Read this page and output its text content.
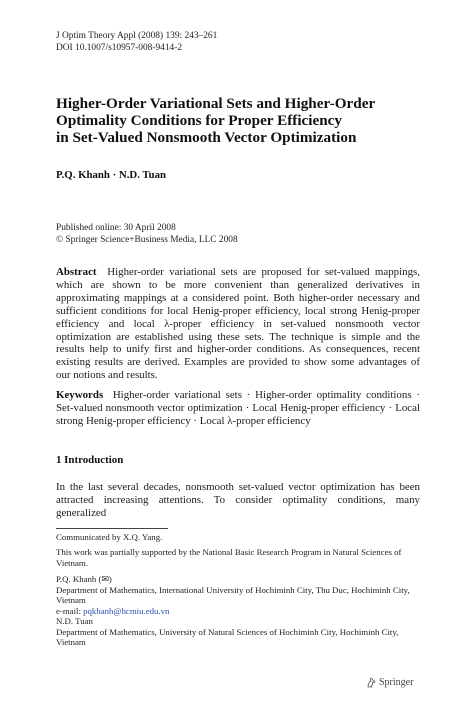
J Optim Theory Appl (2008) 139: 243–261
DOI 10.1007/s10957-008-9414-2
Higher-Order Variational Sets and Higher-Order
Optimality Conditions for Proper Efficiency
in Set-Valued Nonsmooth Vector Optimization
P.Q. Khanh · N.D. Tuan
Published online: 30 April 2008
© Springer Science+Business Media, LLC 2008
Abstract Higher-order variational sets are proposed for set-valued mappings, which are shown to be more convenient than generalized derivatives in approximating mappings at a considered point. Both higher-order necessary and sufficient conditions for local Henig-proper efficiency, local strong Henig-proper efficiency and local λ-proper efficiency in set-valued nonsmooth vector optimization are established using these sets. The technique is simple and the results help to unify first and higher-order conditions. As consequences, recent existing results are derived. Examples are provided to show some advantages of our notions and results.
Keywords Higher-order variational sets · Higher-order optimality conditions · Set-valued nonsmooth vector optimization · Local Henig-proper efficiency · Local strong Henig-proper efficiency · Local λ-proper efficiency
1 Introduction
In the last several decades, nonsmooth set-valued vector optimization has been attracted increasing attentions. To consider optimality conditions, many generalized
Communicated by X.Q. Yang.
This work was partially supported by the National Basic Research Program in Natural Sciences of Vietnam.
P.Q. Khanh (✉)
Department of Mathematics, International University of Hochiminh City, Thu Duc, Hochiminh City, Vietnam
e-mail: pqkhanh@hcmiu.edu.vn
N.D. Tuan
Department of Mathematics, University of Natural Sciences of Hochiminh City, Hochiminh City, Vietnam
Springer
